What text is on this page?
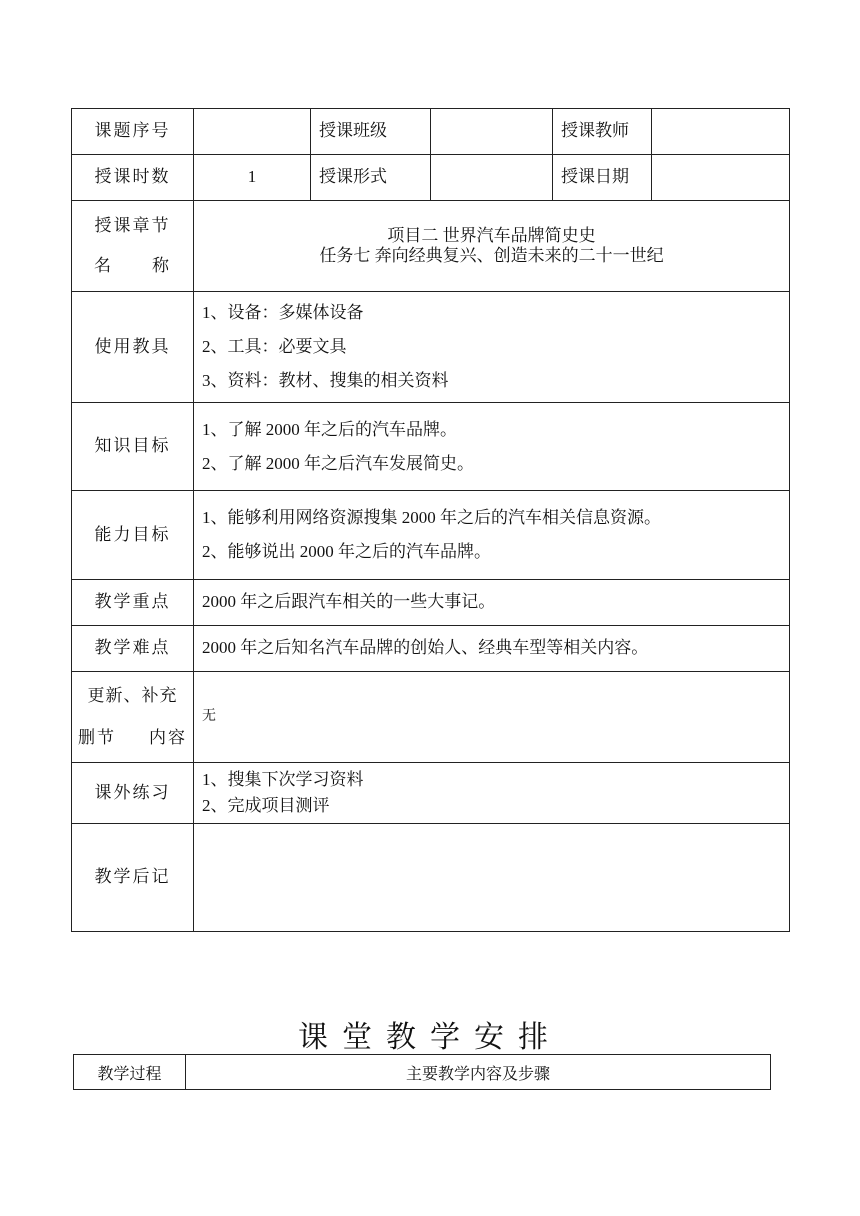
课题序号		授课班级		授课教师	
授课时数	1	授课形式		授课日期	

授课章节
名 称	项目二 世界汽车品牌简史史
任务七 奔向经典复兴、创造未来的二十一世纪				

使用教具	1、设备：多媒体设备
2、工具：必要文具
3、资料：教材、搜集的相关资料				

知识目标	1、了解 2000 年之后的汽车品牌。
2、了解 2000 年之后汽车发展简史。				

能力目标	1、能够利用网络资源搜集 2000 年之后的汽车相关信息资源。
2、能够说出 2000 年之后的汽车品牌。				

教学重点	2000 年之后跟汽车相关的一些大事记。				
教学难点	2000 年之后知名汽车品牌的创始人、经典车型等相关内容。				

更新、补充
删节 内容	无				
课外练习	1、搜集下次学习资料
2、完成项目测评				

教学后记					
课堂教学安排
教学过程	主要教学内容及步骤
